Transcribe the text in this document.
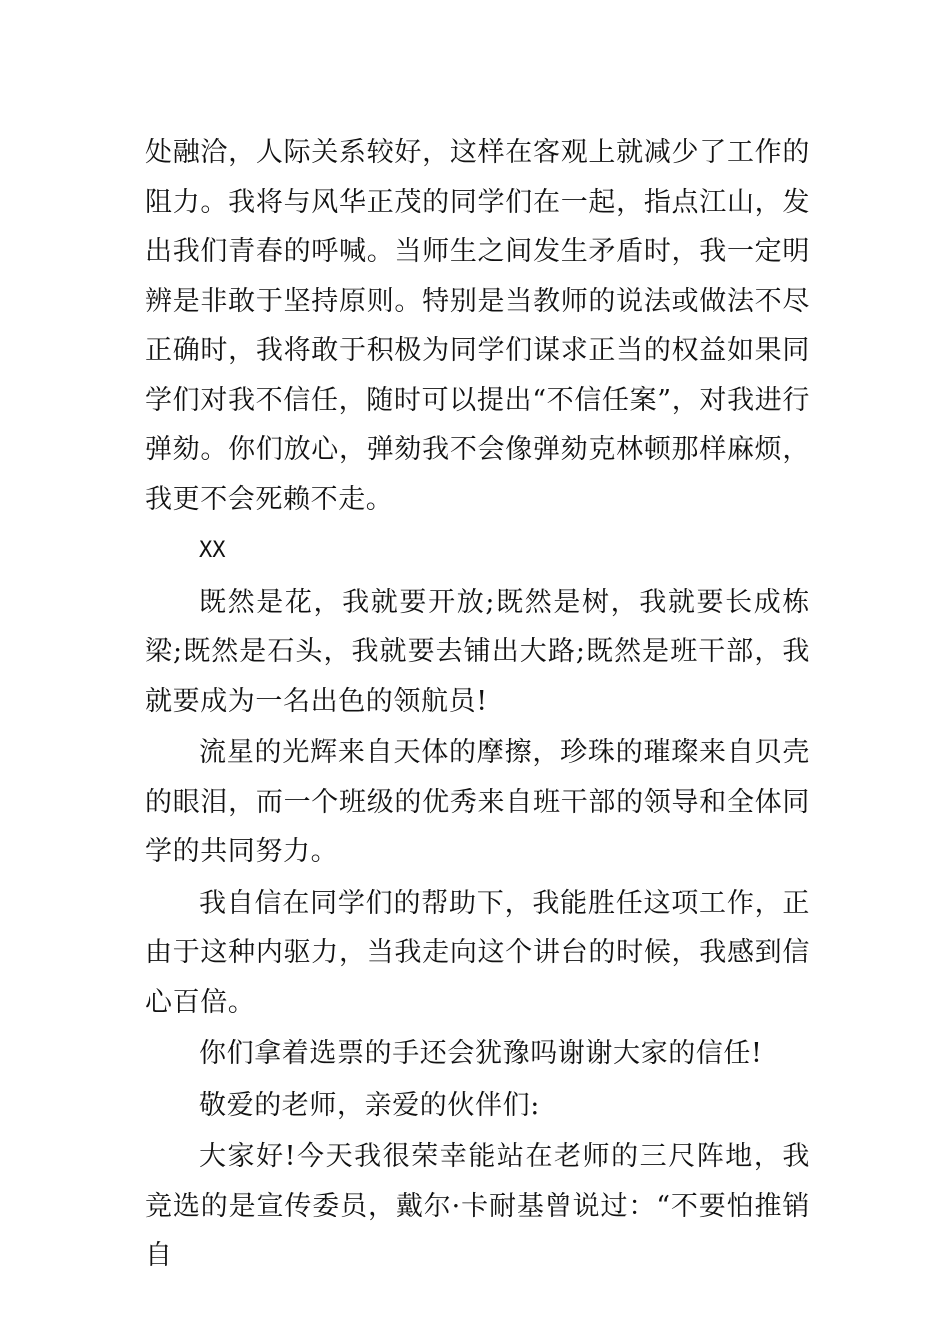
处融洽，人际关系较好，这样在客观上就减少了工作的阻力。我将与风华正茂的同学们在一起，指点江山，发出我们青春的呼喊。当师生之间发生矛盾时，我一定明辨是非敢于坚持原则。特别是当教师的说法或做法不尽正确时，我将敢于积极为同学们谋求正当的权益如果同学们对我不信任，随时可以提出“不信任案”，对我进行弹劾。你们放心，弹劾我不会像弹劾克林顿那样麻烦，我更不会死赖不走。

XX

既然是花，我就要开放;既然是树，我就要长成栋梁;既然是石头，我就要去铺出大路;既然是班干部，我就要成为一名出色的领航员!

流星的光辉来自天体的摩擦，珍珠的璀璨来自贝壳的眼泪，而一个班级的优秀来自班干部的领导和全体同学的共同努力。

我自信在同学们的帮助下，我能胜任这项工作，正由于这种内驱力，当我走向这个讲台的时候，我感到信心百倍。

你们拿着选票的手还会犹豫吗谢谢大家的信任!

敬爱的老师，亲爱的伙伴们:

大家好!今天我很荣幸能站在老师的三尺阵地，我竞选的是宣传委员，戴尔·卡耐基曾说过：“不要怕推销自
